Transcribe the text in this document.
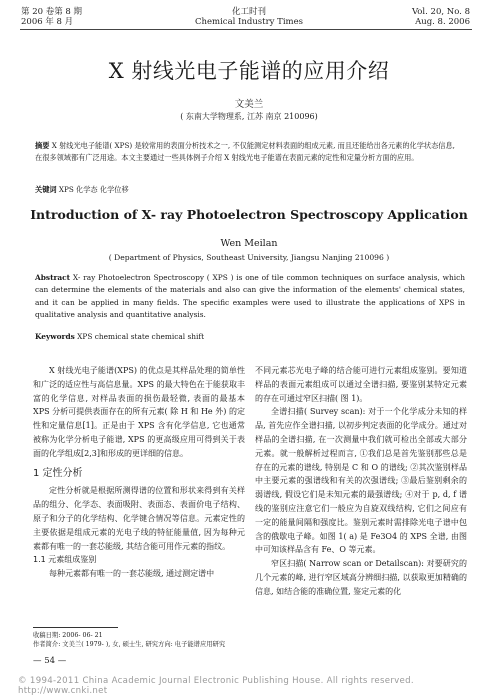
第 20 卷第 8 期
2006 年 8 月
化工时刊
Chemical Industry Times
Vol. 20, No. 8
Aug. 8. 2006
X 射线光电子能谱的应用介绍
文美兰
( 东南大学物理系, 江苏 南京 210096)
摘要 X 射线光电子能谱( XPS) 是较常用的表面分析技术之一, 不仅能测定材料表面的组成元素, 而且还能给出各元素的化学状态信息, 在很多领域都有广泛用途。本文主要通过一些具体例子介绍 X 射线光电子能谱在表面元素的定性和定量分析方面的应用。
关键词 XPS 化学态 化学位移
Introduction of X- ray Photoelectron Spectroscopy Application
Wen Meilan
( Department of Physics, Southeast University, Jiangsu Nanjing 210096 )
Abstract X- ray Photoelectron Spectroscopy ( XPS ) is one of tile common techniques on surface analysis, which can determine the elements of the materials and also can give the information of the elements' chemical states, and it can be applied in many fields. The specific examples were used to illustrate the applications of XPS in qualitative analysis and quantitative analysis.
Keywords XPS chemical state chemical shift

X 射线光电子能谱(XPS) 的优点是其样品处理的简单性和广泛的适应性与高信息量。XPS 的最大特色在于能获取丰富的化学信息, 对样品表面的损伤最轻微, 表面的最基本 XPS 分析可提供表面存在的所有元素( 除 H 和 He 外) 的定性和定量信息[1]。正是由于 XPS 含有化学信息, 它也通常被称为化学分析电子能谱, XPS 的更高级应用可得到关于表面的化学组成[2,3]和形成的更详细的信息。

1 定性分析

定性分析就是根据所测得谱的位置和形状来得到有关样品的组分、化学态、表面吸附、表面态、表面价电子结构、原子和分子的化学结构、化学键合情况等信息。元素定性的主要依据是组成元素的光电子线的特征能量值, 因为每种元素都有唯一的一套芯能级, 其结合能可用作元素的指纹。

1.1 元素组成鉴别

每种元素都有唯一的一套芯能级, 通过测定谱中

不同元素芯光电子峰的结合能可进行元素组成鉴别。要知道样品的表面元素组成可以通过全谱扫描, 要鉴别某特定元素的存在可通过窄区扫描( 图 1)。

全谱扫描( Survey scan): 对于一个化学成分未知的样品, 首先应作全谱扫描, 以初步判定表面的化学成分。通过对样品的全谱扫描, 在一次测量中我们就可检出全部或大部分元素。就一般解析过程而言, ①我们总是首先鉴别那些总是存在的元素的谱线, 特别是 C 和 O 的谱线; ②其次鉴别样品中主要元素的强谱线和有关的次强谱线; ③最后鉴别剩余的弱谱线, 假设它们是未知元素的最强谱线; ④对于 p, d, f 谱线的鉴别应注意它们一般应为自旋双线结构, 它们之间应有一定的能量间隔和强度比。鉴别元素时需排除光电子谱中包含的俄歇电子峰。如图 1( a) 是 Fe3O4 的 XPS 全谱, 由图中可知该样品含有 Fe、O 等元素。

窄区扫描( Narrow scan or Detailscan): 对要研究的几个元素的峰, 进行窄区域高分辨细扫描, 以获取更加精确的信息, 如结合能的准确位置, 鉴定元素的化

收稿日期: 2006- 06- 21
作者简介: 文美兰( 1979- ), 女, 硕士生, 研究方向: 电子能谱应用研究
— 54 —
© 1994-2011 China Academic Journal Electronic Publishing House. All rights reserved. http://www.cnki.net
